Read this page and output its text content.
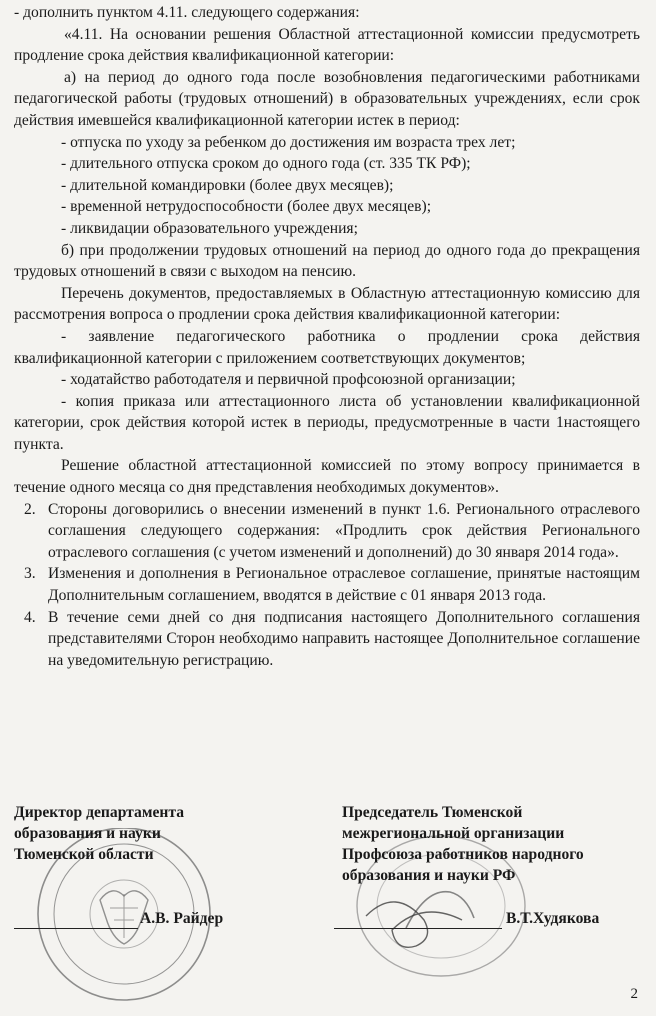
- дополнить пунктом 4.11. следующего содержания:

«4.11. На основании решения Областной аттестационной комиссии предусмотреть продление срока действия квалификационной категории:

а) на период до одного года после возобновления педагогическими работниками педагогической работы (трудовых отношений) в образовательных учреждениях, если срок действия имевшейся квалификационной категории истек в период:

- отпуска по уходу за ребенком до достижения им возраста трех лет;

- длительного отпуска сроком до одного года (ст. 335 ТК РФ);

- длительной командировки (более двух месяцев);

- временной нетрудоспособности (более двух месяцев);

- ликвидации образовательного учреждения;

б) при продолжении трудовых отношений на период до одного года до прекращения трудовых отношений в связи с выходом на пенсию.

Перечень документов, предоставляемых в Областную аттестационную комиссию для рассмотрения вопроса о продлении срока действия квалификационной категории:

- заявление педагогического работника о продлении срока действия квалификационной категории с приложением соответствующих документов;

- ходатайство работодателя и первичной профсоюзной организации;

- копия приказа или аттестационного листа об установлении квалификационной категории, срок действия которой истек в периоды, предусмотренные в части 1настоящего пункта.

Решение областной аттестационной комиссией по этому вопросу принимается в течение одного месяца со дня представления необходимых документов».

2. Стороны договорились о внесении изменений в пункт 1.6. Регионального отраслевого соглашения следующего содержания: «Продлить срок действия Регионального отраслевого соглашения (с учетом изменений и дополнений) до 30 января 2014 года».
3. Изменения и дополнения в Региональное отраслевое соглашение, принятые настоящим Дополнительным соглашением, вводятся в действие с 01 января 2013 года.
4. В течение семи дней со дня подписания настоящего Дополнительного соглашения представителями Сторон необходимо направить настоящее Дополнительное соглашение на уведомительную регистрацию.
Директор департамента
образования и науки
Тюменской области
Председатель Тюменской
межрегиональной организации
Профсоюза работников народного
образования и науки РФ
А.В. Райдер	В.Т.Худякова
2
